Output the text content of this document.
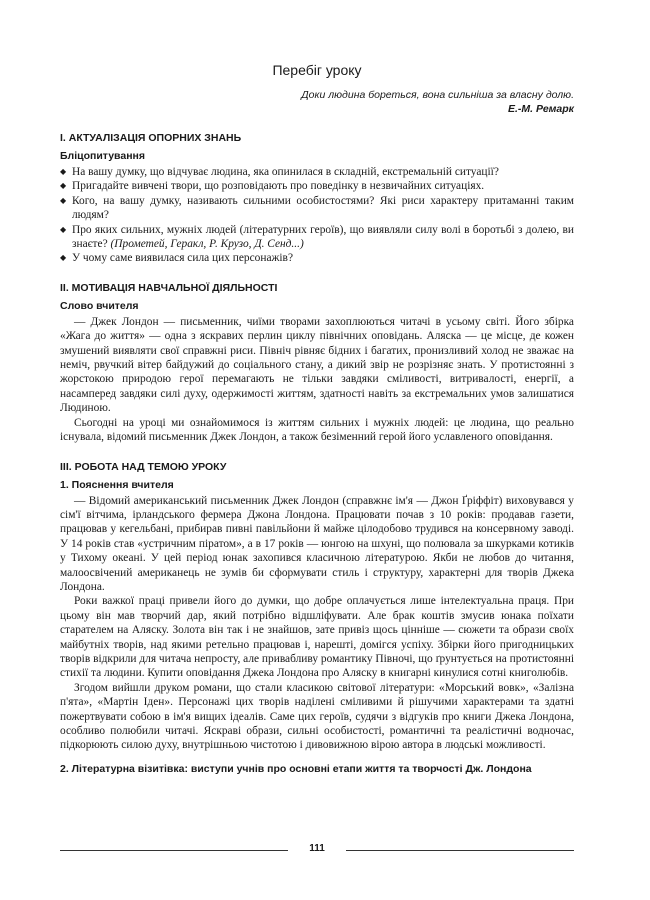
Перебіг уроку
Доки людина бореться, вона сильніша за власну долю.
Е.-М. Ремарк
І. АКТУАЛІЗАЦІЯ ОПОРНИХ ЗНАНЬ
Бліцопитування
◆ На вашу думку, що відчуває людина, яка опинилася в складній, екстремальній ситуації?
◆ Пригадайте вивчені твори, що розповідають про поведінку в незвичайних ситуаціях.
◆ Кого, на вашу думку, називають сильними особистостями? Які риси характеру притаманні таким людям?
◆ Про яких сильних, мужніх людей (літературних героїв), що виявляли силу волі в боротьбі з долею, ви знаєте? (Прометей, Геракл, Р. Крузо, Д. Сенд...)
◆ У чому саме виявилася сила цих персонажів?
ІІ. МОТИВАЦІЯ НАВЧАЛЬНОЇ ДІЯЛЬНОСТІ
Слово вчителя

— Джек Лондон — письменник, чиїми творами захоплюються читачі в усьому світі. Його збірка «Жага до життя» — одна з яскравих перлин циклу північних оповідань. Аляска — це місце, де кожен змушений виявляти свої справжні риси. Північ рівняє бідних і багатих, пронизливий холод не зважає на неміч, рвучкий вітер байдужий до соціального стану, а дикий звір не розрізняє знать. У протистоянні з жорстокою природою герої перемагають не тільки завдяки сміливості, витривалості, енергії, а насамперед завдяки силі духу, одержимості життям, здатності навіть за екстремальних умов залишатися Людиною.

Сьогодні на уроці ми ознайомимося із життям сильних і мужніх людей: це людина, що реально існувала, відомий письменник Джек Лондон, а також безіменний герой його уславленого оповідання.

ІІІ. РОБОТА НАД ТЕМОЮ УРОКУ
1. Пояснення вчителя

— Відомий американський письменник Джек Лондон (справжнє ім'я — Джон Ґріффіт) виховувався у сім'ї вітчима, ірландського фермера Джона Лондона. Працювати почав з 10 років: продавав газети, працював у кегельбані, прибирав пивні павільйони й майже цілодобово трудився на консервному заводі. У 14 років став «устричним піратом», а в 17 років — юнгою на шхуні, що полювала за шкурками котиків у Тихому океані. У цей період юнак захопився класичною літературою. Якби не любов до читання, малоосвічений американець не зумів би сформувати стиль і структуру, характерні для творів Джека Лондона.

Роки важкої праці привели його до думки, що добре оплачується лише інтелектуальна праця. При цьому він мав творчий дар, який потрібно відшліфувати. Але брак коштів змусив юнака поїхати старателем на Аляску. Золота він так і не знайшов, зате привіз щось цінніше — сюжети та образи своїх майбутніх творів, над якими ретельно працював і, нарешті, домігся успіху. Збірки його пригодницьких творів відкрили для читача непросту, але привабливу романтику Півночі, що ґрунтується на протистоянні стихії та людини. Купити оповідання Джека Лондона про Аляску в книгарні кинулися сотні книголюбів.

Згодом вийшли друком романи, що стали класикою світової літератури: «Морський вовк», «Залізна п'ята», «Мартін Іден». Персонажі цих творів наділені сміливими й рішучими характерами та здатні пожертвувати собою в ім'я вищих ідеалів. Саме цих героїв, судячи з відгуків про книги Джека Лондона, особливо полюбили читачі. Яскраві образи, сильні особистості, романтичні та реалістичні водночас, підкорюють силою духу, внутрішньою чистотою і дивовижною вірою автора в людські можливості.

2. Літературна візитівка: виступи учнів про основні етапи життя та творчості Дж. Лондона
111
